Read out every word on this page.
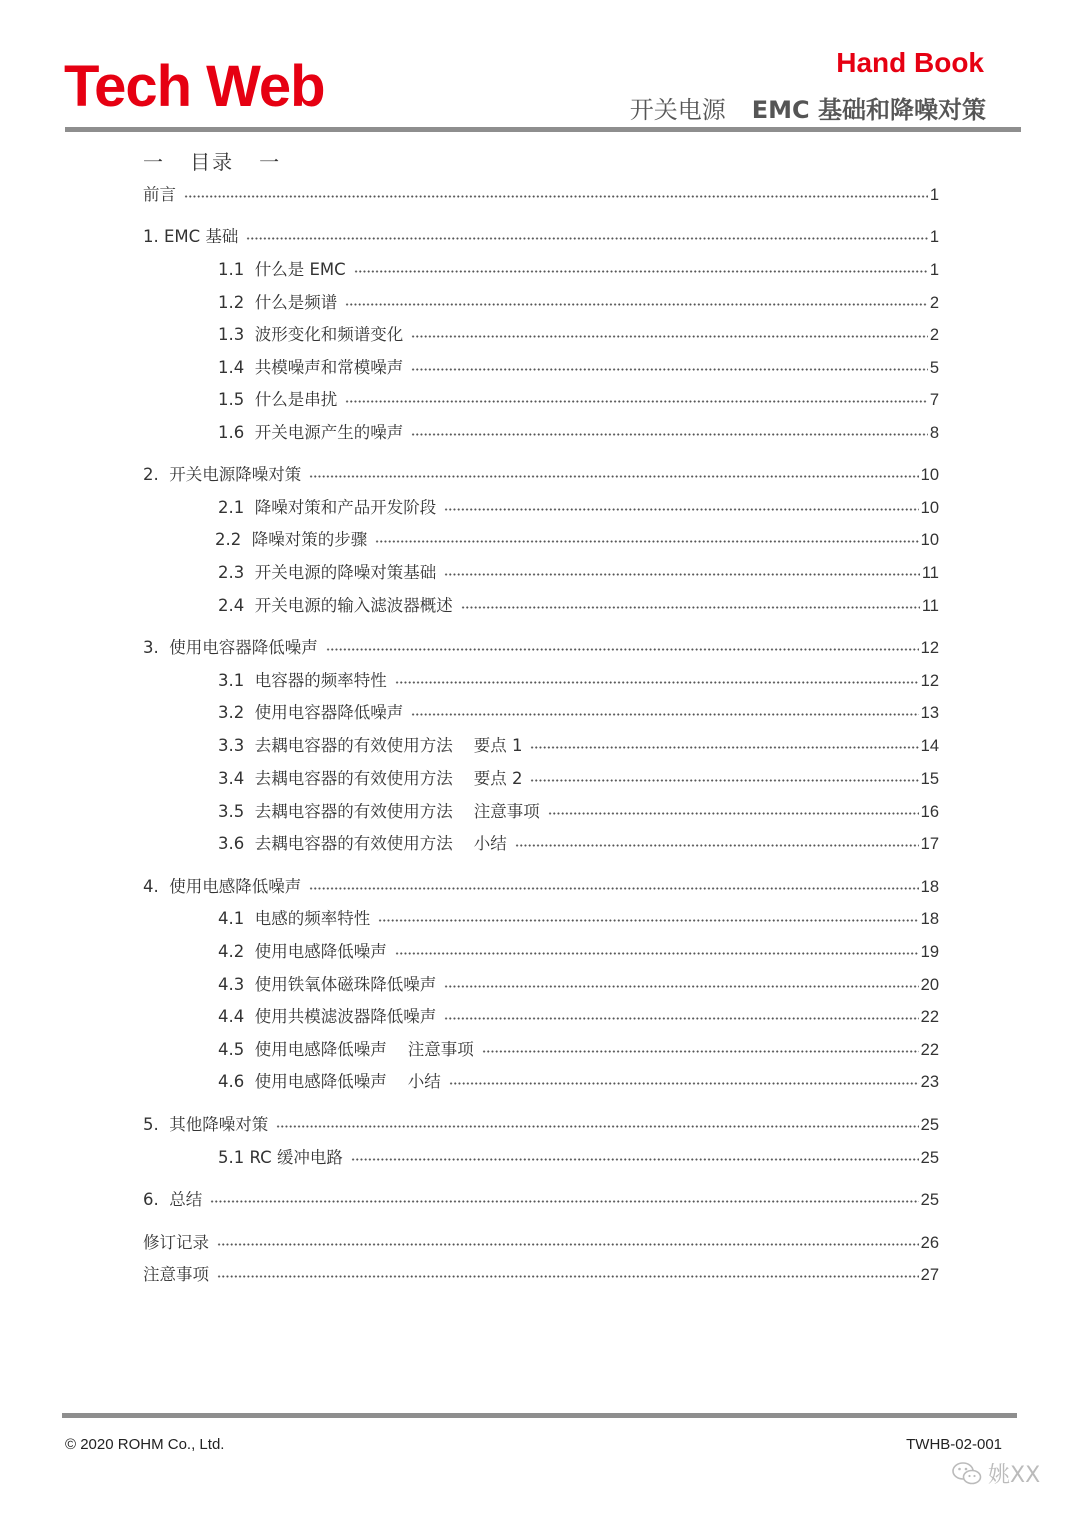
Tech Web	Hand Book
开关电源 EMC 基础和降噪对策
一   目录   一
前言	1
1. EMC 基础	1
1.1  什么是 EMC	1
1.2  什么是频谱	2
1.3  波形变化和频谱变化	2
1.4  共模噪声和常模噪声	5
1.5  什么是串扰	7
1.6  开关电源产生的噪声	8
2.  开关电源降噪对策	10
2.1  降噪对策和产品开发阶段	10
2.2  降噪对策的步骤	10
2.3  开关电源的降噪对策基础	11
2.4  开关电源的输入滤波器概述	11
3.  使用电容器降低噪声	12
3.1  电容器的频率特性	12
3.2  使用电容器降低噪声	13
3.3  去耦电容器的有效使用方法    要点 1	14
3.4  去耦电容器的有效使用方法    要点 2	15
3.5  去耦电容器的有效使用方法    注意事项	16
3.6  去耦电容器的有效使用方法    小结	17
4.  使用电感降低噪声	18
4.1  电感的频率特性	18
4.2  使用电感降低噪声	19
4.3  使用铁氧体磁珠降低噪声	20
4.4  使用共模滤波器降低噪声	22
4.5  使用电感降低噪声    注意事项	22
4.6  使用电感降低噪声    小结	23
5.  其他降噪对策	25
5.1 RC 缓冲电路	25
6.  总结	25
修订记录	26
注意事项	27
© 2020 ROHM Co., Ltd.	TWHB-02-001
姚XX
